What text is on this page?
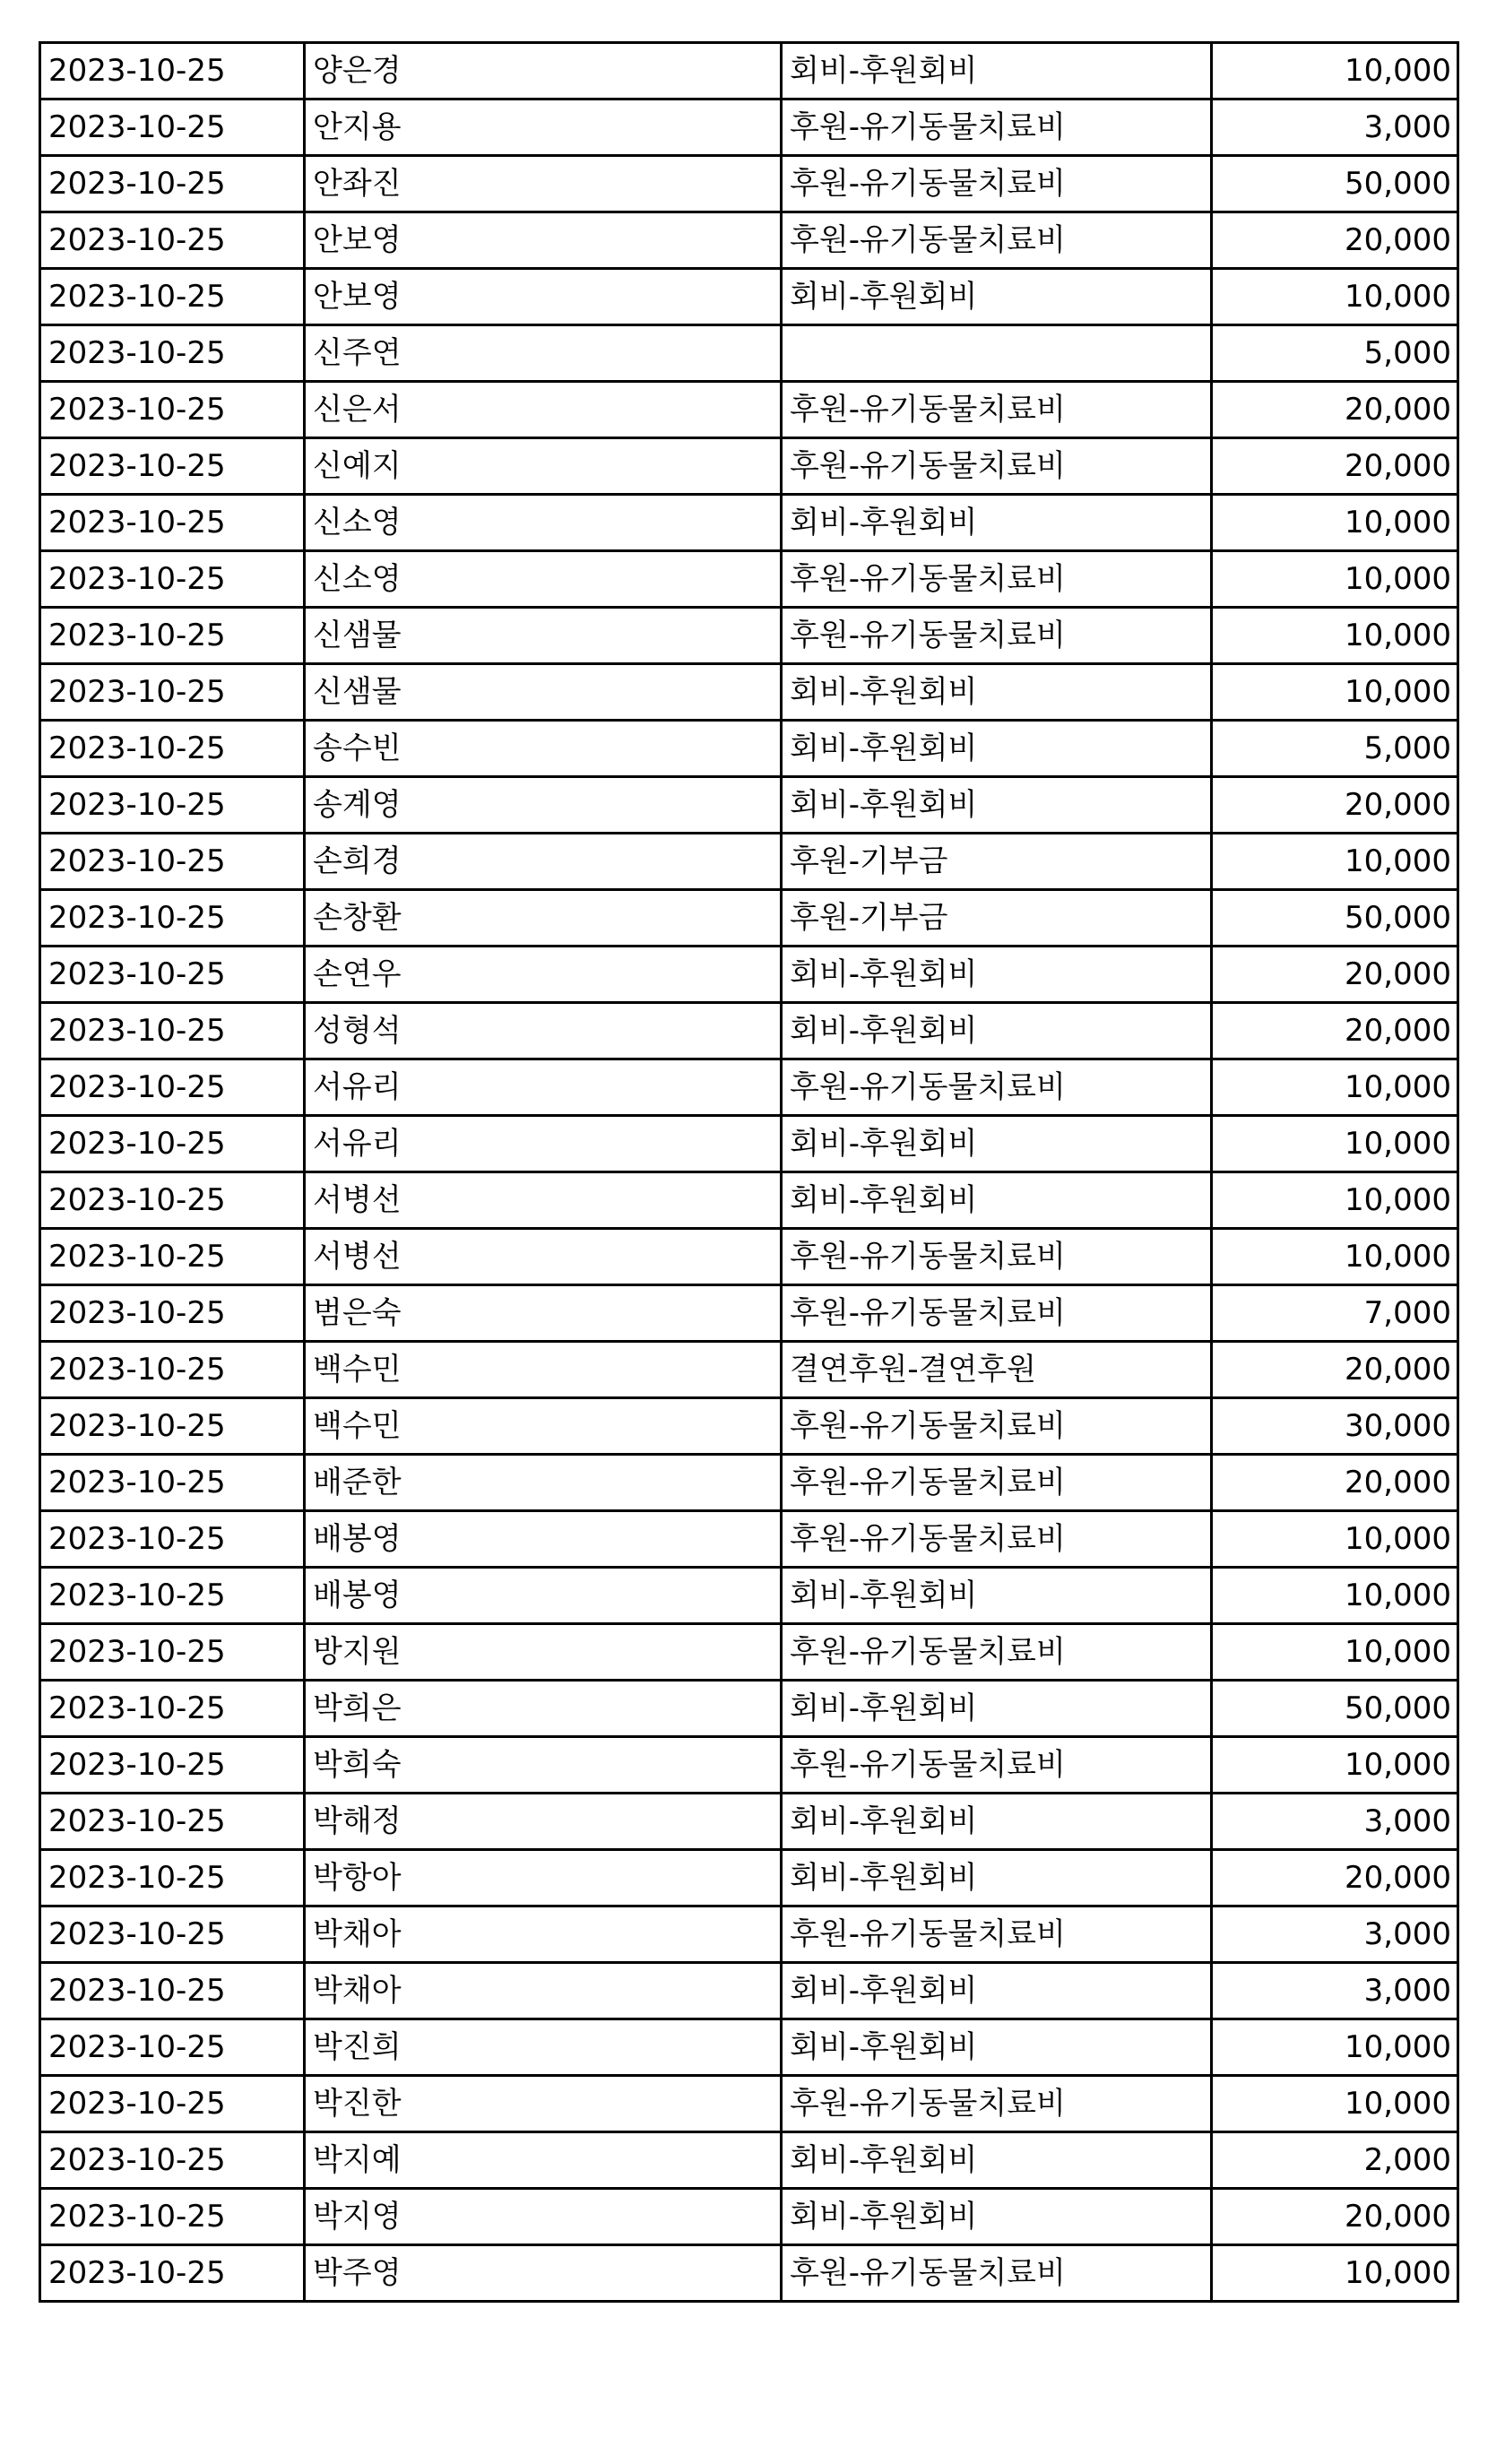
2023-10-25	양은경	회비-후원회비	10,000
2023-10-25	안지용	후원-유기동물치료비	3,000
2023-10-25	안좌진	후원-유기동물치료비	50,000
2023-10-25	안보영	후원-유기동물치료비	20,000
2023-10-25	안보영	회비-후원회비	10,000
2023-10-25	신주연		5,000
2023-10-25	신은서	후원-유기동물치료비	20,000
2023-10-25	신예지	후원-유기동물치료비	20,000
2023-10-25	신소영	회비-후원회비	10,000
2023-10-25	신소영	후원-유기동물치료비	10,000
2023-10-25	신샘물	후원-유기동물치료비	10,000
2023-10-25	신샘물	회비-후원회비	10,000
2023-10-25	송수빈	회비-후원회비	5,000
2023-10-25	송계영	회비-후원회비	20,000
2023-10-25	손희경	후원-기부금	10,000
2023-10-25	손창환	후원-기부금	50,000
2023-10-25	손연우	회비-후원회비	20,000
2023-10-25	성형석	회비-후원회비	20,000
2023-10-25	서유리	후원-유기동물치료비	10,000
2023-10-25	서유리	회비-후원회비	10,000
2023-10-25	서병선	회비-후원회비	10,000
2023-10-25	서병선	후원-유기동물치료비	10,000
2023-10-25	범은숙	후원-유기동물치료비	7,000
2023-10-25	백수민	결연후원-결연후원	20,000
2023-10-25	백수민	후원-유기동물치료비	30,000
2023-10-25	배준한	후원-유기동물치료비	20,000
2023-10-25	배봉영	후원-유기동물치료비	10,000
2023-10-25	배봉영	회비-후원회비	10,000
2023-10-25	방지원	후원-유기동물치료비	10,000
2023-10-25	박희은	회비-후원회비	50,000
2023-10-25	박희숙	후원-유기동물치료비	10,000
2023-10-25	박해정	회비-후원회비	3,000
2023-10-25	박항아	회비-후원회비	20,000
2023-10-25	박채아	후원-유기동물치료비	3,000
2023-10-25	박채아	회비-후원회비	3,000
2023-10-25	박진희	회비-후원회비	10,000
2023-10-25	박진한	후원-유기동물치료비	10,000
2023-10-25	박지예	회비-후원회비	2,000
2023-10-25	박지영	회비-후원회비	20,000
2023-10-25	박주영	후원-유기동물치료비	10,000
